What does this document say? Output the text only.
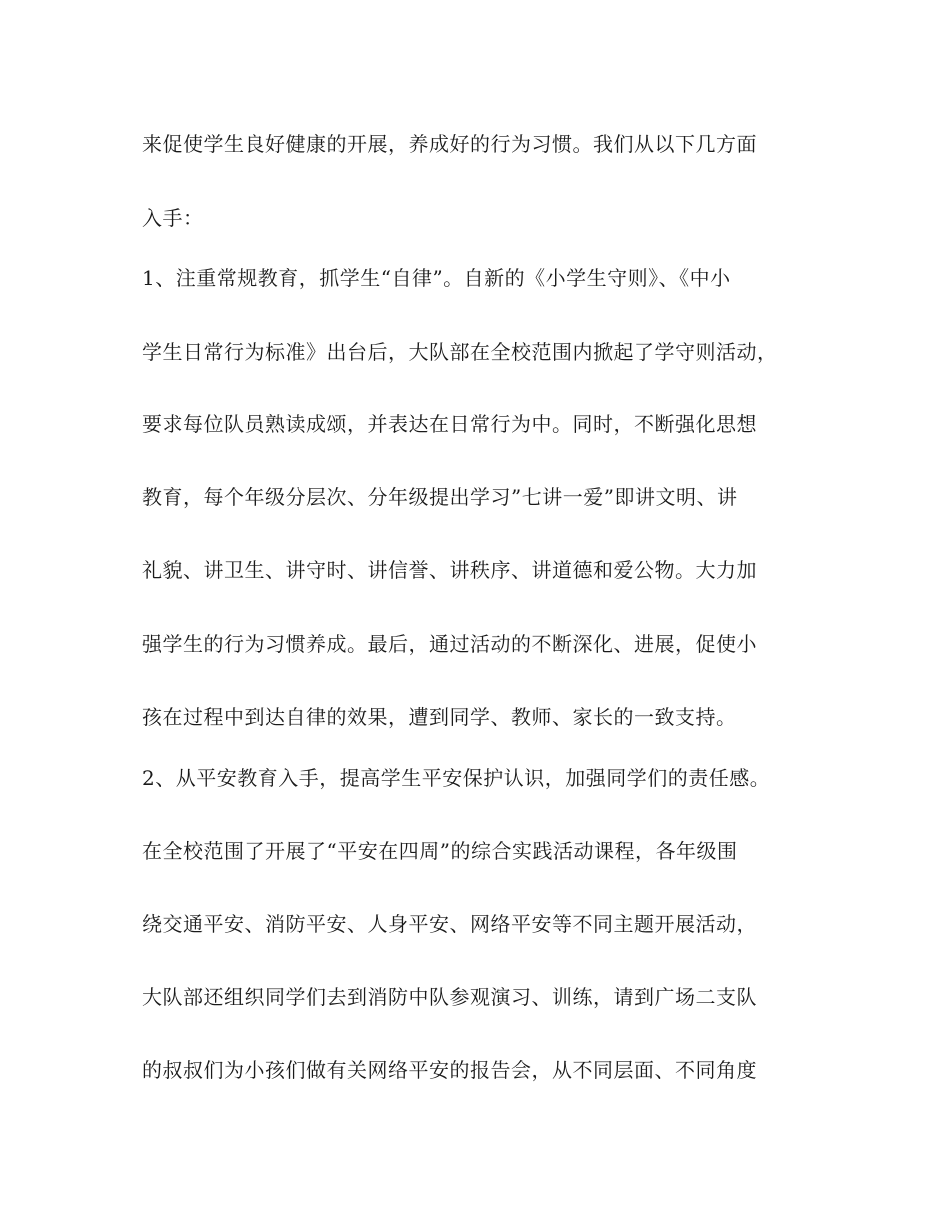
来促使学生良好健康的开展，养成好的行为习惯。我们从以下几方面
入手：
1、注重常规教育，抓学生“自律”。自新的《小学生守则》、《中小
学生日常行为标准》出台后，大队部在全校范围内掀起了学守则活动，
要求每位队员熟读成颂，并表达在日常行为中。同时，不断强化思想
教育，每个年级分层次、分年级提出学习”七讲一爱”即讲文明、讲
礼貌、讲卫生、讲守时、讲信誉、讲秩序、讲道德和爱公物。大力加
强学生的行为习惯养成。最后，通过活动的不断深化、进展，促使小
孩在过程中到达自律的效果，遭到同学、教师、家长的一致支持。
2、从平安教育入手，提高学生平安保护认识，加强同学们的责任感。
在全校范围了开展了“平安在四周”的综合实践活动课程，各年级围
绕交通平安、消防平安、人身平安、网络平安等不同主题开展活动，
大队部还组织同学们去到消防中队参观演习、训练，请到广场二支队
的叔叔们为小孩们做有关网络平安的报告会，从不同层面、不同角度
